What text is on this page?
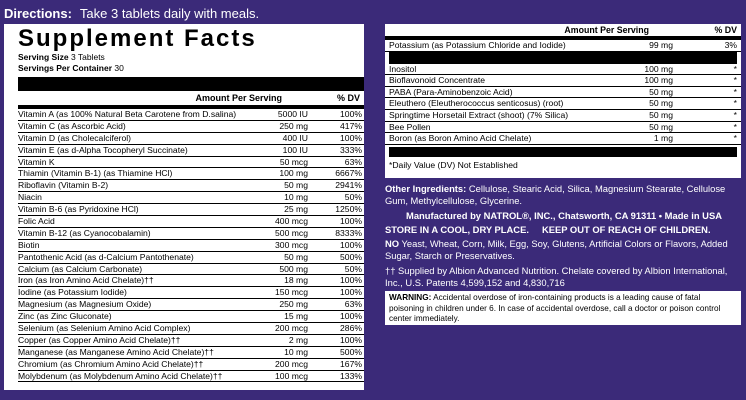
Directions: Take 3 tablets daily with meals.
Supplement Facts
Serving Size 3 Tablets
Servings Per Container 30
Amount Per Serving	% DV
Vitamin A (as 100% Natural Beta Carotene from D.salina)	5000 IU	100%
Vitamin C (as Ascorbic Acid)	250 mg	417%
Vitamin D (as Cholecalciferol)	400 IU	100%
Vitamin E (as d-Alpha Tocopheryl Succinate)	100 IU	333%
Vitamin K	50 mcg	63%
Thiamin (Vitamin B-1) (as Thiamine HCl)	100 mg	6667%
Riboflavin (Vitamin B-2)	50 mg	2941%
Niacin	10 mg	50%
Vitamin B-6 (as Pyridoxine HCl)	25 mg	1250%
Folic Acid	400 mcg	100%
Vitamin B-12 (as Cyanocobalamin)	500 mcg	8333%
Biotin	300 mcg	100%
Pantothenic Acid (as d-Calcium Pantothenate)	50 mg	500%
Calcium (as Calcium Carbonate)	500 mg	50%
Iron (as Iron Amino Acid Chelate)††	18 mg	100%
Iodine (as Potassium Iodide)	150 mcg	100%
Magnesium (as Magnesium Oxide)	250 mg	63%
Zinc (as Zinc Gluconate)	15 mg	100%
Selenium (as Selenium Amino Acid Complex)	200 mcg	286%
Copper (as Copper Amino Acid Chelate)††	2 mg	100%
Manganese (as Manganese Amino Acid Chelate)††	10 mg	500%
Chromium (as Chromium Amino Acid Chelate)††	200 mcg	167%
Molybdenum (as Molybdenum Amino Acid Chelate)††	100 mcg	133%
Amount Per Serving	% DV
Potassium (as Potassium Chloride and Iodide)	99 mg	3%
Inositol	100 mg	*
Bioflavonoid Concentrate	100 mg	*
PABA (Para-Aminobenzoic Acid)	50 mg	*
Eleuthero (Eleutherococcus senticosus) (root)	50 mg	*
Springtime Horsetail Extract (shoot) (7% Silica)	50 mg	*
Bee Pollen	50 mg	*
Boron (as Boron Amino Acid Chelate)	1 mg	*
*Daily Value (DV) Not Established
Other Ingredients: Cellulose, Stearic Acid, Silica, Magnesium Stearate, Cellulose Gum, Methylcellulose, Glycerine.
Manufactured by NATROL®, INC., Chatsworth, CA 91311 • Made in USA
STORE IN A COOL, DRY PLACE.     KEEP OUT OF REACH OF CHILDREN.
NO Yeast, Wheat, Corn, Milk, Egg, Soy, Glutens, Artificial Colors or Flavors, Added Sugar, Starch or Preservatives.
†† Supplied by Albion Advanced Nutrition. Chelate covered by Albion International, Inc., U.S. Patents 4,599,152 and 4,830,716
WARNING: Accidental overdose of iron-containing products is a leading cause of fatal poisoning in children under 6. In case of accidental overdose, call a doctor or poison control center immediately.
